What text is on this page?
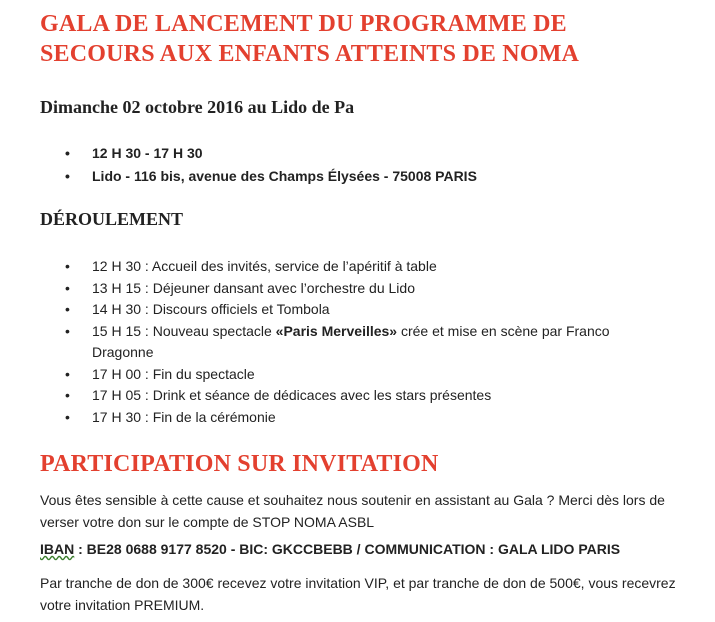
GALA DE LANCEMENT DU PROGRAMME DE
SECOURS AUX ENFANTS ATTEINTS DE NOMA
Dimanche 02 octobre 2016 au Lido de Pa
• 12 H 30 - 17 H 30
• Lido - 116 bis, avenue des Champs Élysées - 75008 PARIS
DÉROULEMENT
• 12 H 30 : Accueil des invités, service de l’apéritif à table
• 13 H 15 : Déjeuner dansant avec l’orchestre du Lido
• 14 H 30 : Discours officiels et Tombola
• 15 H 15 : Nouveau spectacle «Paris Merveilles» crée et mise en scène par Franco Dragonne
• 17 H 00 : Fin du spectacle
• 17 H 05 : Drink et séance de dédicaces avec les stars présentes
• 17 H 30 : Fin de la cérémonie
PARTICIPATION SUR INVITATION

Vous êtes sensible à cette cause et souhaitez nous soutenir en assistant au Gala ? Merci dès lors de verser votre don sur le compte de STOP NOMA ASBL

IBAN : BE28 0688 9177 8520 - BIC: GKCCBEBB / COMMUNICATION : GALA LIDO PARIS

Par tranche de don de 300€ recevez votre invitation VIP, et par tranche de don de 500€, vous recevrez votre invitation PREMIUM.
